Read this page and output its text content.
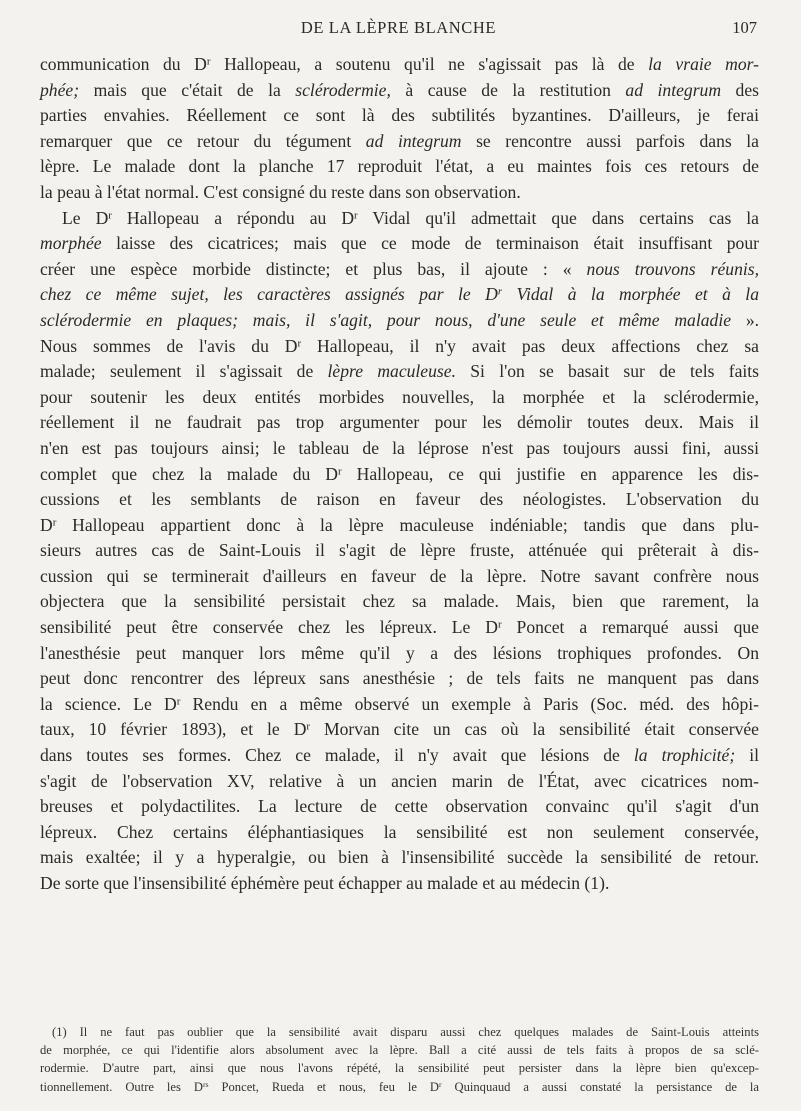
DE LA LÈPRE BLANCHE	107
communication du $D^r$ Hallopeau, a soutenu qu'il ne s'agissait pas là de la vraie mor-
phée; mais que c'était de la sclérodermie, à cause de la restitution ad integrum des
parties envahies. Réellement ce sont là des subtilités byzantines. D'ailleurs, je ferai
remarquer que ce retour du tégument ad integrum se rencontre aussi parfois dans la
lèpre. Le malade dont la planche 17 reproduit l'état, a eu maintes fois ces retours de
la peau à l'état normal. C'est consigné du reste dans son observation.
Le $D^r$ Hallopeau a répondu au $D^r$ Vidal qu'il admettait que dans certains cas la
morphée laisse des cicatrices; mais que ce mode de terminaison était insuffisant pour
créer une espèce morbide distincte; et plus bas, il ajoute : « nous trouvons réunis,
chez ce même sujet, les caractères assignés par le $D^r$ Vidal à la morphée et à la
sclérodermie en plaques; mais, il s'agit, pour nous, d'une seule et même maladie ».
Nous sommes de l'avis du $D^r$ Hallopeau, il n'y avait pas deux affections chez sa
malade; seulement il s'agissait de lèpre maculeuse. Si l'on se basait sur de tels faits
pour soutenir les deux entités morbides nouvelles, la morphée et la sclérodermie,
réellement il ne faudrait pas trop argumenter pour les démolir toutes deux. Mais il
n'en est pas toujours ainsi; le tableau de la léprose n'est pas toujours aussi fini, aussi
complet que chez la malade du $D^r$ Hallopeau, ce qui justifie en apparence les dis-
cussions et les semblants de raison en faveur des néologistes. L'observation du
$D^r$ Hallopeau appartient donc à la lèpre maculeuse indéniable; tandis que dans plu-
sieurs autres cas de Saint-Louis il s'agit de lèpre fruste, atténuée qui prêterait à dis-
cussion qui se terminerait d'ailleurs en faveur de la lèpre. Notre savant confrère nous
objectera que la sensibilité persistait chez sa malade. Mais, bien que rarement, la
sensibilité peut être conservée chez les lépreux. Le $D^r$ Poncet a remarqué aussi que
l'anesthésie peut manquer lors même qu'il y a des lésions trophiques profondes. On
peut donc rencontrer des lépreux sans anesthésie ; de tels faits ne manquent pas dans
la science. Le $D^r$ Rendu en a même observé un exemple à Paris (Soc. méd. des hôpi-
taux, 10 février 1893), et le $D^r$ Morvan cite un cas où la sensibilité était conservée
dans toutes ses formes. Chez ce malade, il n'y avait que lésions de la trophicité; il
s'agit de l'observation XV, relative à un ancien marin de l'État, avec cicatrices nom-
breuses et polydactilites. La lecture de cette observation convainc qu'il s'agit d'un
lépreux. Chez certains éléphantiasiques la sensibilité est non seulement conservée,
mais exaltée; il y a hyperalgie, ou bien à l'insensibilité succède la sensibilité de retour.
De sorte que l'insensibilité éphémère peut échapper au malade et au médecin (1).
(1) Il ne faut pas oublier que la sensibilité avait disparu aussi chez quelques malades de Saint-Louis atteints
de morphée, ce qui l'identifie alors absolument avec la lèpre. Ball a cité aussi de tels faits à propos de sa sclé-
rodermie. D'autre part, ainsi que nous l'avons répété, la sensibilité peut persister dans la lèpre bien qu'excep-
tionnellement. Outre les $D^{rs}$ Poncet, Rueda et nous, feu le $D^r$ Quinquaud a aussi constaté la persistance de la
